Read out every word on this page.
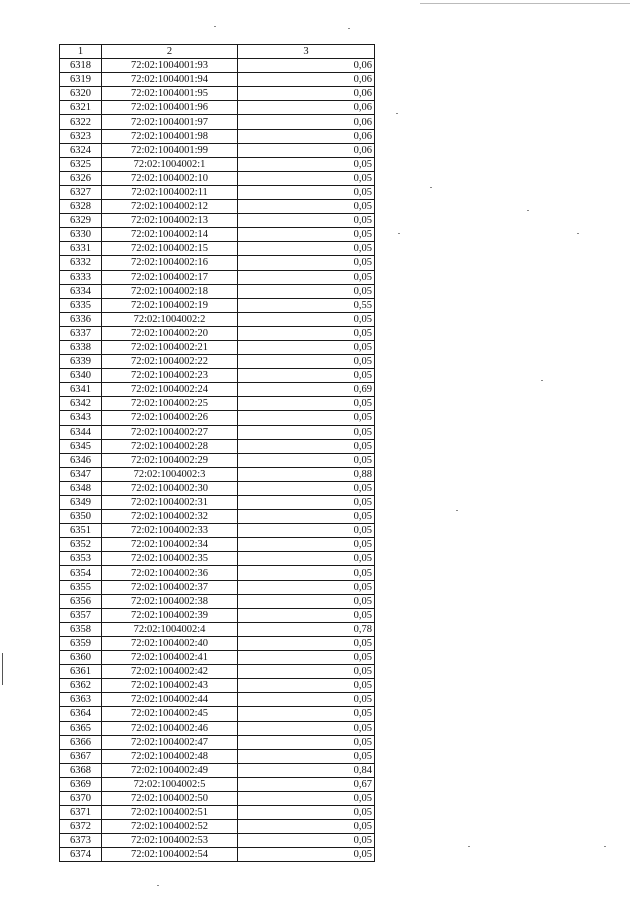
1	2	3
6318	72:02:1004001:93	0,06
6319	72:02:1004001:94	0,06
6320	72:02:1004001:95	0,06
6321	72:02:1004001:96	0,06
6322	72:02:1004001:97	0,06
6323	72:02:1004001:98	0,06
6324	72:02:1004001:99	0,06
6325	72:02:1004002:1	0,05
6326	72:02:1004002:10	0,05
6327	72:02:1004002:11	0,05
6328	72:02:1004002:12	0,05
6329	72:02:1004002:13	0,05
6330	72:02:1004002:14	0,05
6331	72:02:1004002:15	0,05
6332	72:02:1004002:16	0,05
6333	72:02:1004002:17	0,05
6334	72:02:1004002:18	0,05
6335	72:02:1004002:19	0,55
6336	72:02:1004002:2	0,05
6337	72:02:1004002:20	0,05
6338	72:02:1004002:21	0,05
6339	72:02:1004002:22	0,05
6340	72:02:1004002:23	0,05
6341	72:02:1004002:24	0,69
6342	72:02:1004002:25	0,05
6343	72:02:1004002:26	0,05
6344	72:02:1004002:27	0,05
6345	72:02:1004002:28	0,05
6346	72:02:1004002:29	0,05
6347	72:02:1004002:3	0,88
6348	72:02:1004002:30	0,05
6349	72:02:1004002:31	0,05
6350	72:02:1004002:32	0,05
6351	72:02:1004002:33	0,05
6352	72:02:1004002:34	0,05
6353	72:02:1004002:35	0,05
6354	72:02:1004002:36	0,05
6355	72:02:1004002:37	0,05
6356	72:02:1004002:38	0,05
6357	72:02:1004002:39	0,05
6358	72:02:1004002:4	0,78
6359	72:02:1004002:40	0,05
6360	72:02:1004002:41	0,05
6361	72:02:1004002:42	0,05
6362	72:02:1004002:43	0,05
6363	72:02:1004002:44	0,05
6364	72:02:1004002:45	0,05
6365	72:02:1004002:46	0,05
6366	72:02:1004002:47	0,05
6367	72:02:1004002:48	0,05
6368	72:02:1004002:49	0,84
6369	72:02:1004002:5	0,67
6370	72:02:1004002:50	0,05
6371	72:02:1004002:51	0,05
6372	72:02:1004002:52	0,05
6373	72:02:1004002:53	0,05
6374	72:02:1004002:54	0,05
